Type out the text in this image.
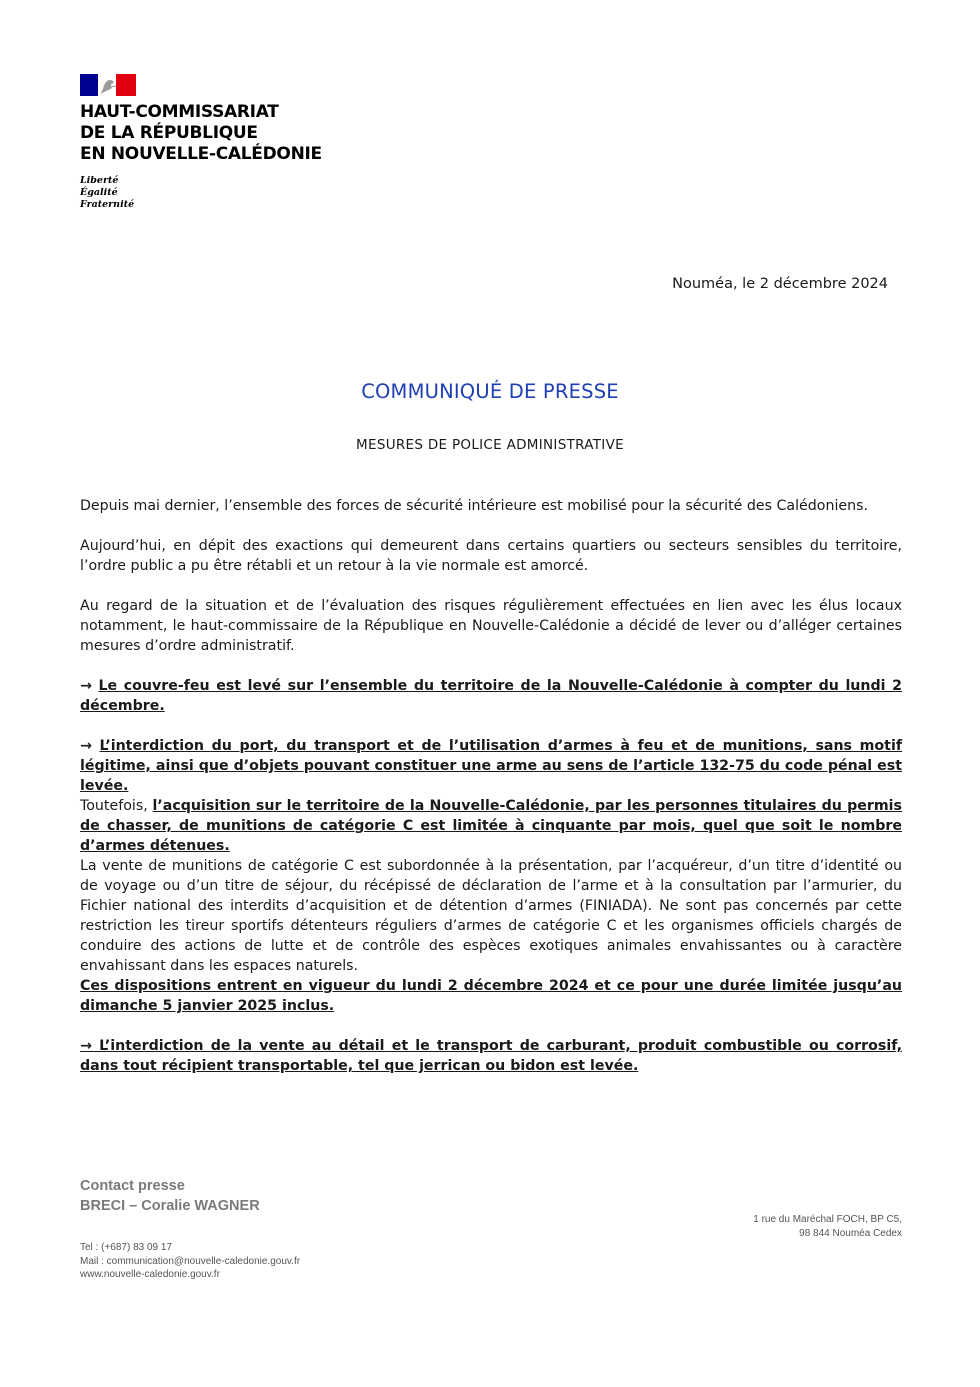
HAUT-COMMISSARIAT
DE LA RÉPUBLIQUE
EN NOUVELLE-CALÉDONIE
Liberté
Égalité
Fraternité
Nouméa, le 2 décembre 2024
COMMUNIQUÉ DE PRESSE
MESURES DE POLICE ADMINISTRATIVE

Depuis mai dernier, l’ensemble des forces de sécurité intérieure est mobilisé pour la sécurité des Calédoniens.

Aujourd’hui, en dépit des exactions qui demeurent dans certains quartiers ou secteurs sensibles du territoire, l’ordre public a pu être rétabli et un retour à la vie normale est amorcé.

Au regard de la situation et de l’évaluation des risques régulièrement effectuées en lien avec les élus locaux notamment, le haut-commissaire de la République en Nouvelle-Calédonie a décidé de lever ou d’alléger certaines mesures d’ordre administratif.

→ Le couvre-feu est levé sur l’ensemble du territoire de la Nouvelle-Calédonie à compter du lundi 2 décembre.

→ L’interdiction du port, du transport et de l’utilisation d’armes à feu et de munitions, sans motif légitime, ainsi que d’objets pouvant constituer une arme au sens de l’article 132-75 du code pénal est levée.

Toutefois, l’acquisition sur le territoire de la Nouvelle-Calédonie, par les personnes titulaires du permis de chasser, de munitions de catégorie C est limitée à cinquante par mois, quel que soit le nombre d’armes détenues.

La vente de munitions de catégorie C est subordonnée à la présentation, par l’acquéreur, d’un titre d’identité ou de voyage ou d’un titre de séjour, du récépissé de déclaration de l’arme et à la consultation par l’armurier, du Fichier national des interdits d’acquisition et de détention d’armes (FINIADA). Ne sont pas concernés par cette restriction les tireur sportifs détenteurs réguliers d’armes de catégorie C et les organismes officiels chargés de conduire des actions de lutte et de contrôle des espèces exotiques animales envahissantes ou à caractère envahissant dans les espaces naturels.

Ces dispositions entrent en vigueur du lundi 2 décembre 2024 et ce pour une durée limitée jusqu’au dimanche 5 janvier 2025 inclus.

→ L’interdiction de la vente au détail et le transport de carburant, produit combustible ou corrosif, dans tout récipient transportable, tel que jerrican ou bidon est levée.

Contact presse
BRECI – Coralie WAGNER
Tel : (+687) 83 09 17
Mail : communication@nouvelle-caledonie.gouv.fr
www.nouvelle-caledonie.gouv.fr
1 rue du Maréchal FOCH, BP C5,
98 844 Nouméa Cedex
